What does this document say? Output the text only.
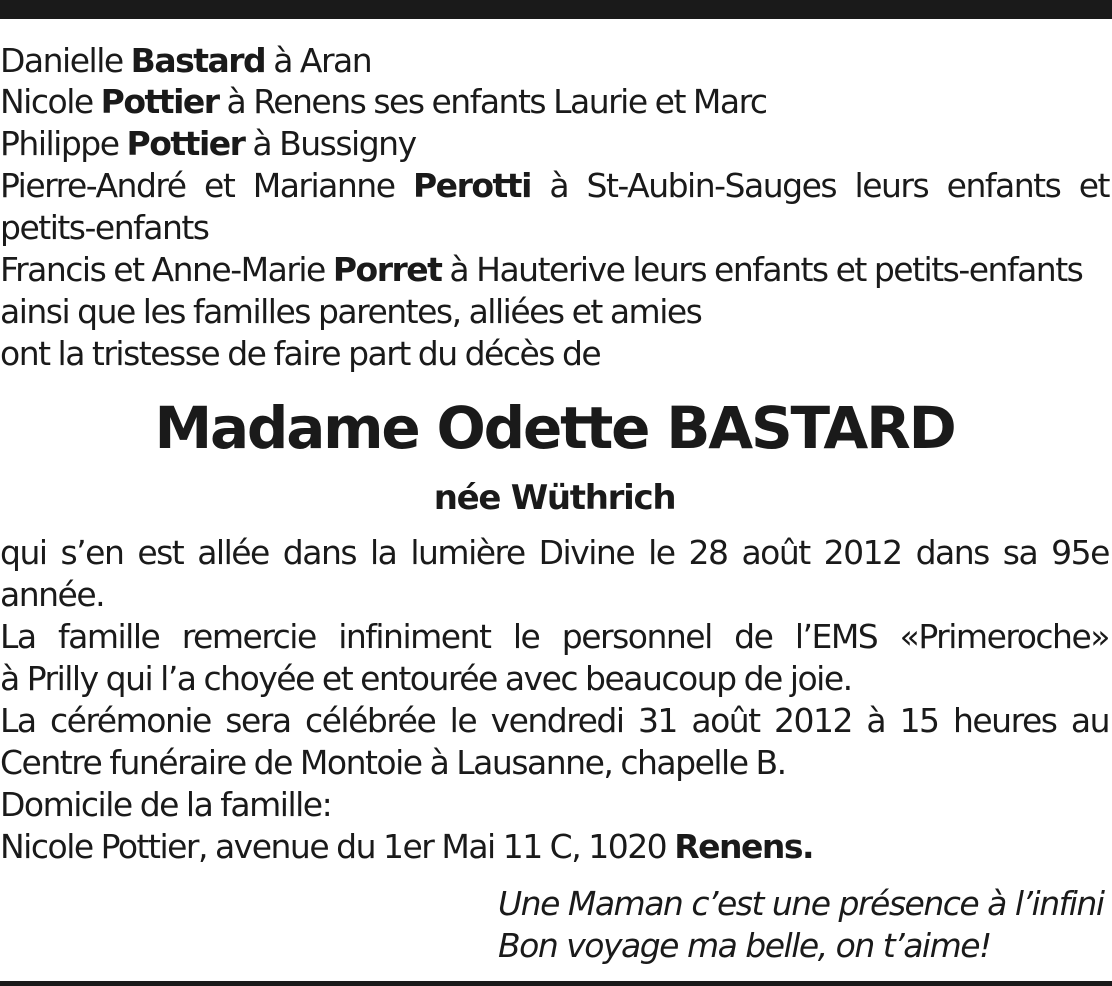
Danielle Bastard à Aran
Nicole Pottier à Renens ses enfants Laurie et Marc
Philippe Pottier à Bussigny
Pierre-André et Marianne Perotti à St-Aubin-Sauges leurs enfants et
petits-enfants
Francis et Anne-Marie Porret à Hauterive leurs enfants et petits-enfants
ainsi que les familles parentes, alliées et amies
ont la tristesse de faire part du décès de
Madame Odette BASTARD
née Wüthrich
qui s’en est allée dans la lumière Divine le 28 août 2012 dans sa 95e
année.
La famille remercie infiniment le personnel de l’EMS «Primeroche»
à Prilly qui l’a choyée et entourée avec beaucoup de joie.
La cérémonie sera célébrée le vendredi 31 août 2012 à 15 heures au
Centre funéraire de Montoie à Lausanne, chapelle B.
Domicile de la famille:
Nicole Pottier, avenue du 1er Mai 11 C, 1020 Renens.
Une Maman c’est une présence à l’infini
Bon voyage ma belle, on t’aime!
